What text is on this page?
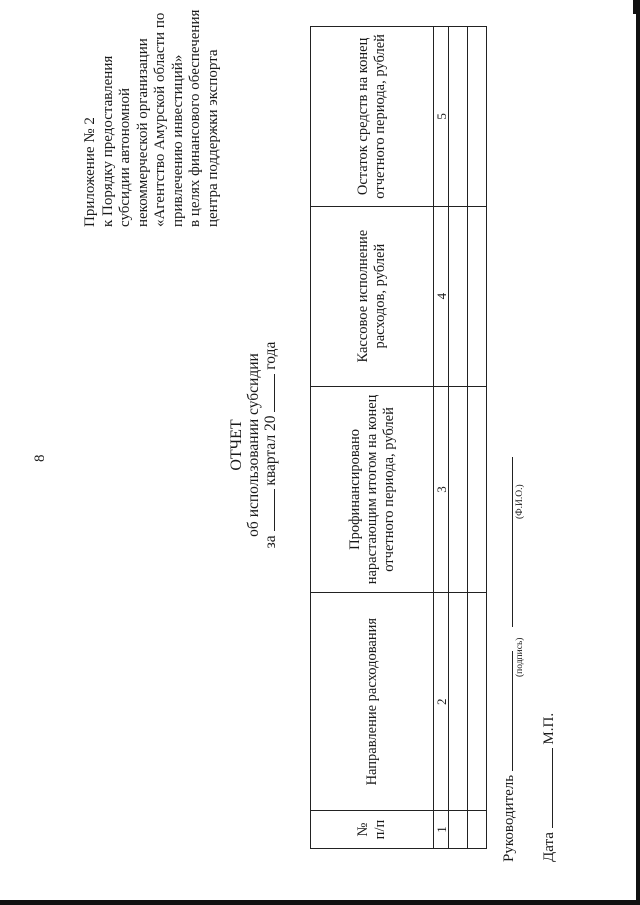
8
Приложение № 2 к Порядку предоставления субсидии автономной некоммерческой организации «Агентство Амурской области по привлечению инвестиций» в целях финансового обеспечения центра поддержки экспорта
ОТЧЕТ об использовании субсидии
за  квартал 20  года
№ п/п	Направление расходования	Профинансировано нарастающим итогом на конец отчетного периода, рублей	Кассовое исполнение расходов, рублей	Остаток средств на конец отчетного периода, рублей
1	2	3	4	5

Руководитель
(подпись)
(Ф.И.О.)
Дата  М.П.
